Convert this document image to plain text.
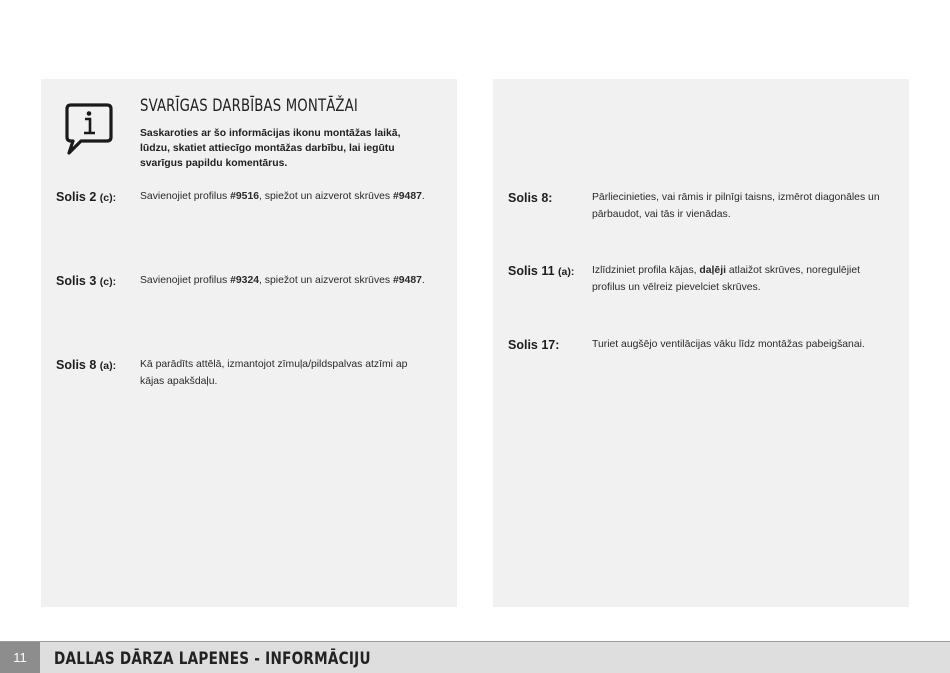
SVARĪGAS DARBĪBAS MONTĀŽAI

Saskaroties ar šo informācijas ikonu montāžas laikā, lūdzu, skatiet attiecīgo montāžas darbību, lai iegūtu svarīgus papildu komentārus.

Solis 2 (c): Savienojiet profilus #9516, spiežot un aizverot skrūves #9487.
Solis 3 (c): Savienojiet profilus #9324, spiežot un aizverot skrūves #9487.
Solis 8 (a): Kā parādīts attēlā, izmantojot zīmuļa/pildspalvas atzīmi ap kājas apakšdaļu.
Solis 8:	Pārliecinieties, vai rāmis ir pilnīgi taisns, izmērot diagonāles un pārbaudot, vai tās ir vienādas.
Solis 11 (a): Izlīdziniet profila kājas, daļēji atlaižot skrūves, noregulējiet profilus un vēlreiz pievelciet skrūves.
Solis 17:	Turiet augšējo ventilācijas vāku līdz montāžas pabeigšanai.
11	DALLAS DĀRZA LAPENES - INFORMĀCIJU
